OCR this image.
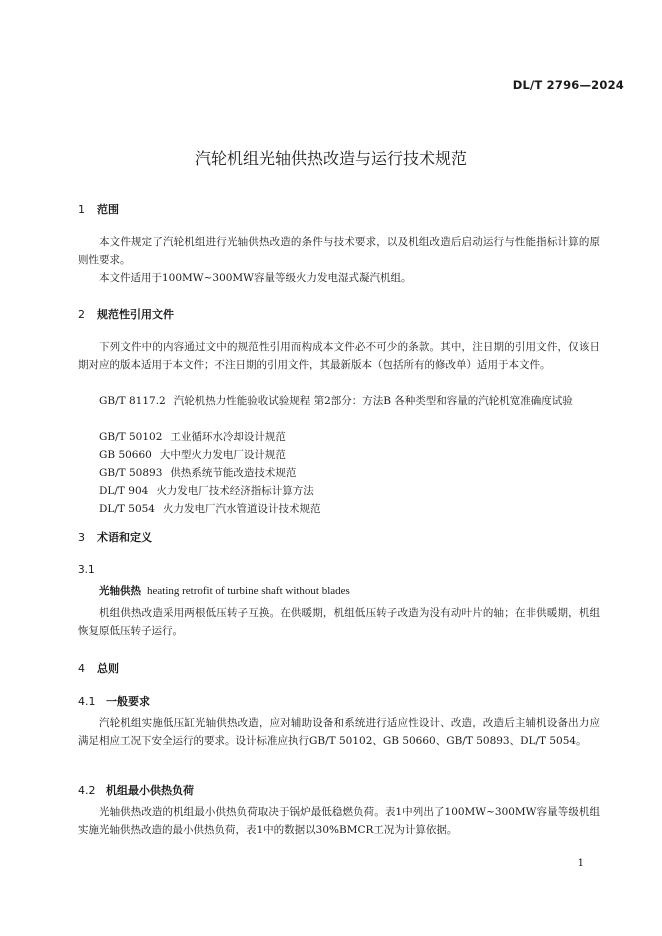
DL/T 2796—2024
汽轮机组光轴供热改造与运行技术规范
1 范围
本文件规定了汽轮机组进行光轴供热改造的条件与技术要求，以及机组改造后启动运行与性能指标计算的原则性要求。
本文件适用于100MW~300MW容量等级火力发电湿式凝汽机组。
2 规范性引用文件
下列文件中的内容通过文中的规范性引用而构成本文件必不可少的条款。其中，注日期的引用文件，仅该日期对应的版本适用于本文件；不注日期的引用文件，其最新版本（包括所有的修改单）适用于本文件。
GB/T 8117.2 汽轮机热力性能验收试验规程 第2部分：方法B 各种类型和容量的汽轮机宽准确度试验
GB/T 50102 工业循环水冷却设计规范
GB 50660 大中型火力发电厂设计规范
GB/T 50893 供热系统节能改造技术规范
DL/T 904 火力发电厂技术经济指标计算方法
DL/T 5054 火力发电厂汽水管道设计技术规范
3 术语和定义
3.1
光轴供热 heating retrofit of turbine shaft without blades
机组供热改造采用两根低压转子互换。在供暖期，机组低压转子改造为没有动叶片的轴；在非供暖期，机组恢复原低压转子运行。
4 总则
4.1 一般要求
汽轮机组实施低压缸光轴供热改造，应对辅助设备和系统进行适应性设计、改造，改造后主辅机设备出力应满足相应工况下安全运行的要求。设计标准应执行GB/T 50102、GB 50660、GB/T 50893、DL/T 5054。
4.2 机组最小供热负荷
光轴供热改造的机组最小供热负荷取决于锅炉最低稳燃负荷。表1中列出了100MW~300MW容量等级机组实施光轴供热改造的最小供热负荷，表1中的数据以30%BMCR工况为计算依据。
1
